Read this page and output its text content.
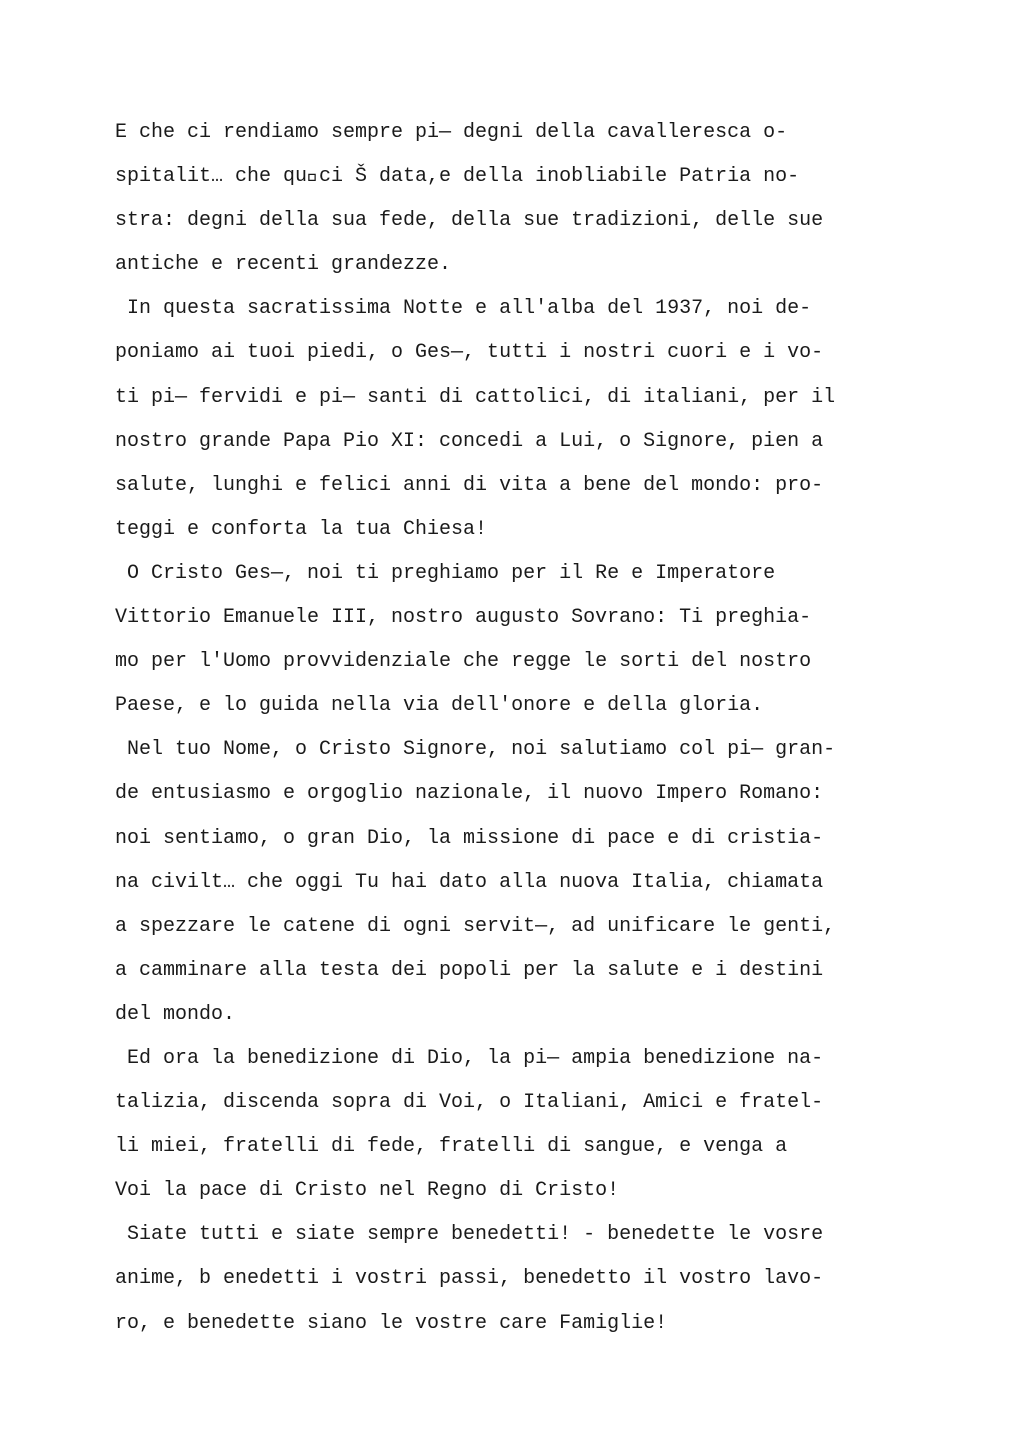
E che ci rendiamo sempre pi— degni della cavalleresca o-
spitalit… che qu ci Š data,e della inobliabile Patria no-
stra: degni della sua fede, della sue tradizioni, delle sue
antiche e recenti grandezze.
In questa sacratissima Notte e all'alba del 1937, noi de-
poniamo ai tuoi piedi, o Ges—, tutti i nostri cuori e i vo-
ti pi— fervidi e pi— santi di cattolici, di italiani, per il
nostro grande Papa Pio XI: concedi a Lui, o Signore, pien a
salute, lunghi e felici anni di vita a bene del mondo: pro-
teggi e conforta la tua Chiesa!
O Cristo Ges—, noi ti preghiamo per il Re e Imperatore
Vittorio Emanuele III, nostro augusto Sovrano: Ti preghia-
mo per l'Uomo provvidenziale che regge le sorti del nostro
Paese, e lo guida nella via dell'onore e della gloria.
Nel tuo Nome, o Cristo Signore, noi salutiamo col pi— gran-
de entusiasmo e orgoglio nazionale, il nuovo Impero Romano:
noi sentiamo, o gran Dio, la missione di pace e di cristia-
na civilt… che oggi Tu hai dato alla nuova Italia, chiamata
a spezzare le catene di ogni servit—, ad unificare le genti,
a camminare alla testa dei popoli per la salute e i destini
del mondo.
Ed ora la benedizione di Dio, la pi— ampia benedizione na-
talizia, discenda sopra di Voi, o Italiani, Amici e fratel-
li miei, fratelli di fede, fratelli di sangue, e venga a
Voi la pace di Cristo nel Regno di Cristo!
Siate tutti e siate sempre benedetti! - benedette le vosre
anime, b enedetti i vostri passi, benedetto il vostro lavo-
ro, e benedette siano le vostre care Famiglie!
